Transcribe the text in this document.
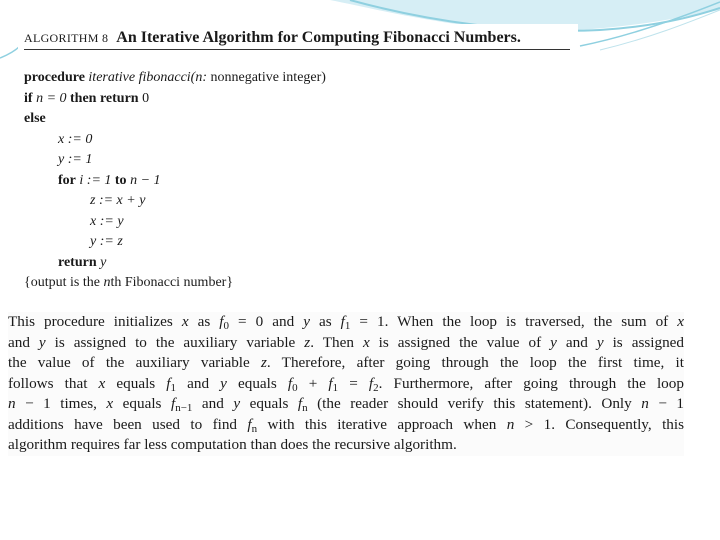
ALGORITHM 8 An Iterative Algorithm for Computing Fibonacci Numbers.
procedure iterative fibonacci(n: nonnegative integer)
if n = 0 then return 0
else
x := 0
y := 1
for i := 1 to n − 1
z := x + y
x := y
y := z
return y
{output is the nth Fibonacci number}
This procedure initializes x as $f_0 = 0$ and y as $f_1 = 1$. When the loop is traversed, the sum of x
and y is assigned to the auxiliary variable z. Then x is assigned the value of y and y is assigned
the value of the auxiliary variable z. Therefore, after going through the loop the first time, it
follows that x equals $f_1$ and y equals $f_0 + f_1 = f_2$. Furthermore, after going through the loop
n − 1 times, x equals $f_{n-1}$ and y equals $f_n$ (the reader should verify this statement). Only n − 1
additions have been used to find $f_n$ with this iterative approach when n > 1. Consequently, this
algorithm requires far less computation than does the recursive algorithm.
